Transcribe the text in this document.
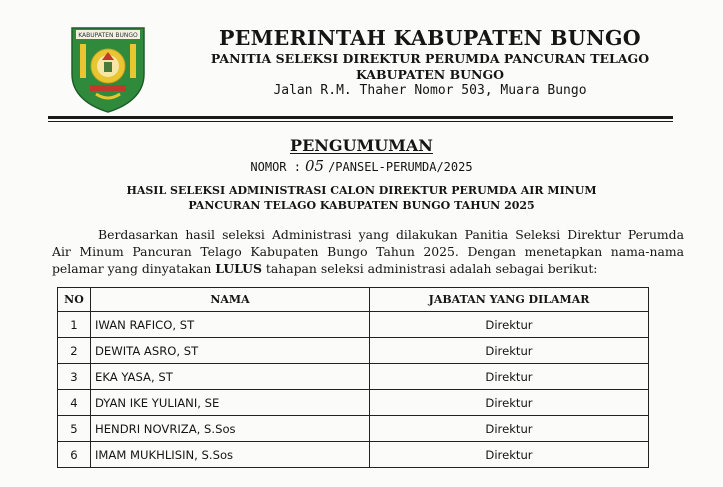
KABUPATEN BUNGO	PEMERINTAH KABUPATEN BUNGO
PANITIA SELEKSI DIREKTUR PERUMDA PANCURAN TELAGO
KABUPATEN BUNGO
Jalan R.M. Thaher Nomor 503, Muara Bungo
PENGUMUMAN
NOMOR : 05 /PANSEL-PERUMDA/2025
HASIL SELEKSI ADMINISTRASI CALON DIREKTUR PERUMDA AIR MINUM
PANCURAN TELAGO KABUPATEN BUNGO TAHUN 2025
Berdasarkan hasil seleksi Administrasi yang dilakukan Panitia Seleksi Direktur Perumda
Air Minum Pancuran Telago Kabupaten Bungo Tahun 2025. Dengan menetapkan nama-nama
pelamar yang dinyatakan LULUS tahapan seleksi administrasi adalah sebagai berikut:
NO	NAMA	JABATAN YANG DILAMAR
1	IWAN RAFICO, ST	Direktur
2	DEWITA ASRO, ST	Direktur
3	EKA YASA, ST	Direktur
4	DYAN IKE YULIANI, SE	Direktur
5	HENDRI NOVRIZA, S.Sos	Direktur
6	IMAM MUKHLISIN, S.Sos	Direktur
